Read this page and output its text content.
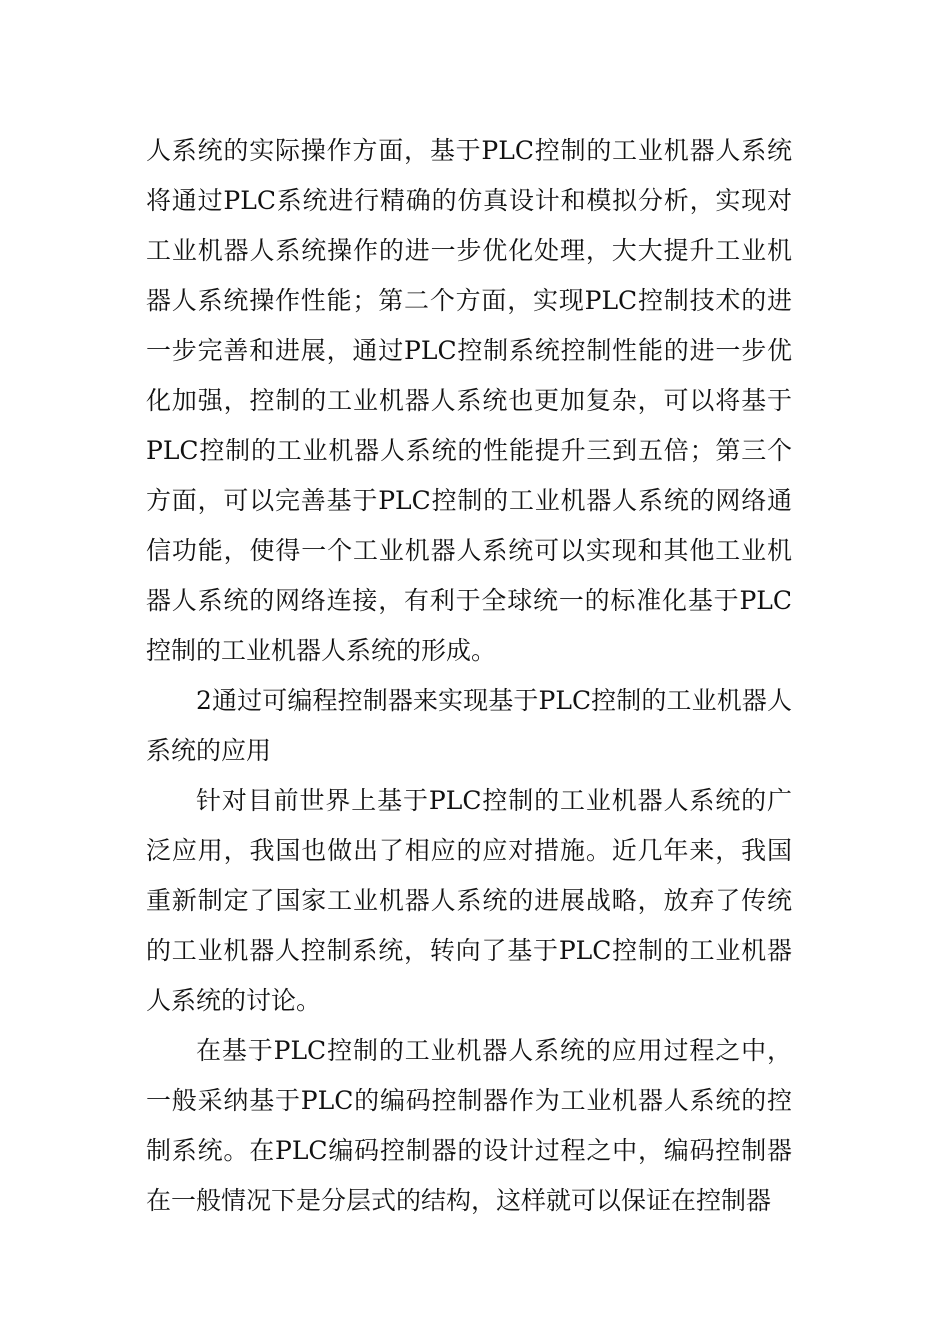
人系统的实际操作方面，基于PLC控制的工业机器人系统将通过PLC系统进行精确的仿真设计和模拟分析，实现对工业机器人系统操作的进一步优化处理，大大提升工业机器人系统操作性能；第二个方面，实现PLC控制技术的进一步完善和进展，通过PLC控制系统控制性能的进一步优化加强，控制的工业机器人系统也更加复杂，可以将基于PLC控制的工业机器人系统的性能提升三到五倍；第三个方面，可以完善基于PLC控制的工业机器人系统的网络通信功能，使得一个工业机器人系统可以实现和其他工业机器人系统的网络连接，有利于全球统一的标准化基于PLC控制的工业机器人系统的形成。

2通过可编程控制器来实现基于PLC控制的工业机器人系统的应用

针对目前世界上基于PLC控制的工业机器人系统的广泛应用，我国也做出了相应的应对措施。近几年来，我国重新制定了国家工业机器人系统的进展战略，放弃了传统的工业机器人控制系统，转向了基于PLC控制的工业机器人系统的讨论。

在基于PLC控制的工业机器人系统的应用过程之中，一般采纳基于PLC的编码控制器作为工业机器人系统的控制系统。在PLC编码控制器的设计过程之中，编码控制器在一般情况下是分层式的结构，这样就可以保证在控制器
